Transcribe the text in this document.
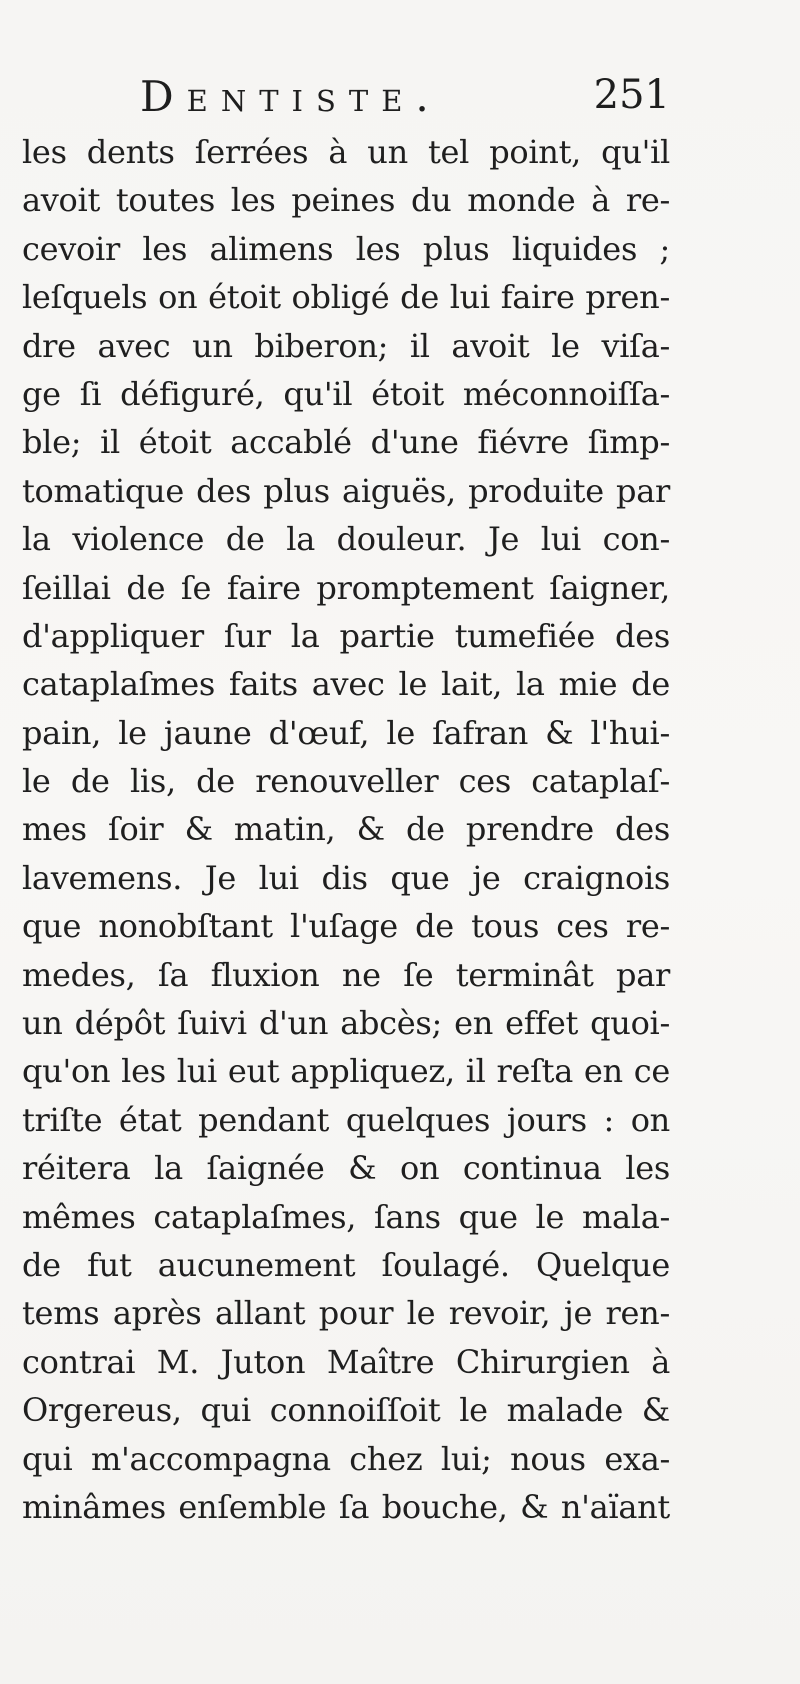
Dentiste.	251
les dents ſerrées à un tel point, qu'il
avoit toutes les peines du monde à re-
cevoir les alimens les plus liquides ;
leſquels on étoit obligé de lui faire pren-
dre avec un biberon; il avoit le viſa-
ge ſi défiguré, qu'il étoit méconnoiſſa-
ble; il étoit accablé d'une fiévre ſimp-
tomatique des plus aiguës, produite par
la violence de la douleur. Je lui con-
ſeillai de ſe faire promptement ſaigner,
d'appliquer ſur la partie tumefiée des
cataplaſmes faits avec le lait, la mie de
pain, le jaune d'œuf, le ſafran & l'hui-
le de lis, de renouveller ces cataplaſ-
mes ſoir & matin, & de prendre des
lavemens. Je lui dis que je craignois
que nonobſtant l'uſage de tous ces re-
medes, ſa fluxion ne ſe terminât par
un dépôt ſuivi d'un abcès; en effet quoi-
qu'on les lui eut appliquez, il reſta en ce
triſte état pendant quelques jours : on
réitera la ſaignée & on continua les
mêmes cataplaſmes, ſans que le mala-
de fut aucunement ſoulagé. Quelque
tems après allant pour le revoir, je ren-
contrai M. Juton Maître Chirurgien à
Orgereus, qui connoiſſoit le malade &
qui m'accompagna chez lui; nous exa-
minâmes enſemble ſa bouche, & n'aïant
